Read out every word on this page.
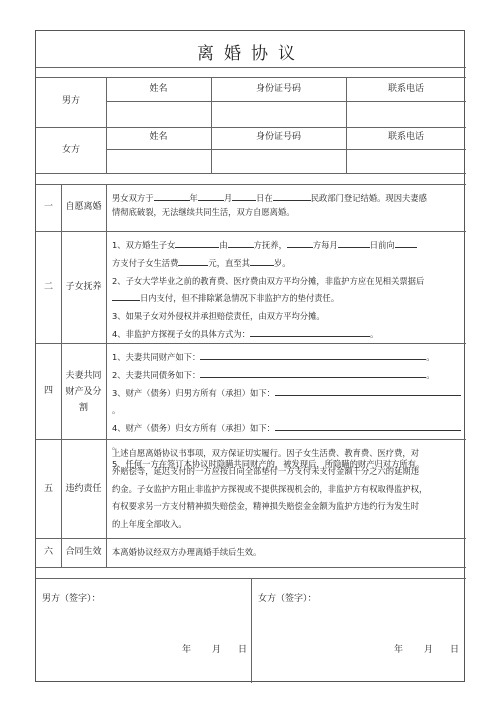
离婚协议
男方
姓名	身份证号码	联系电话
女方
姓名	身份证号码	联系电话
一	自愿离婚

男女双方于	年	月	日在	民政部门登记结婚。现因夫妻感

情彻底破裂，无法继续共同生活，双方自愿离婚。

二	子女抚养

1、双方婚生子女	由	方抚养，	方每月	日前向

方支付子女生活费	元，直至其	岁。

2、子女大学毕业之前的教育费、医疗费由双方平均分摊，非监护方应在见相关票据后

日内支付，但不排除紧急情况下非监护方的垫付责任。

3、如果子女对外侵权并承担赔偿责任，由双方平均分摊。

4、非监护方探视子女的具体方式为：	。

四
夫妻共同
财产及分
割

1、夫妻共同财产如下：	。

2、夫妻共同债务如下：	。

3、财产（债务）归男方所有（承担）如下：。

4、财产（债务）归女方所有（承担）如下：。

5、任何一方在签订本协议时隐瞒共同财产的，被发现后，所隐瞒的财产归对方所有。

五	违约责任

上述自愿离婚协议书事项，双方保证切实履行。因子女生活费、教育费、医疗费，对

外赔偿等，延迟支付的一方应按日向全部垫付一方支付未支付金额千分之六的延期违

约金。子女监护方阻止非监护方探视或不提供探视机会的，非监护方有权取得监护权，

有权要求另一方支付精神损失赔偿金，精神损失赔偿金金额为监护方违约行为发生时

的上年度全部收入。

六	合同生效	本离婚协议经双方办理离婚手续后生效。

男方（签字）：	女方（签字）：
年 月 日	年 月 日
